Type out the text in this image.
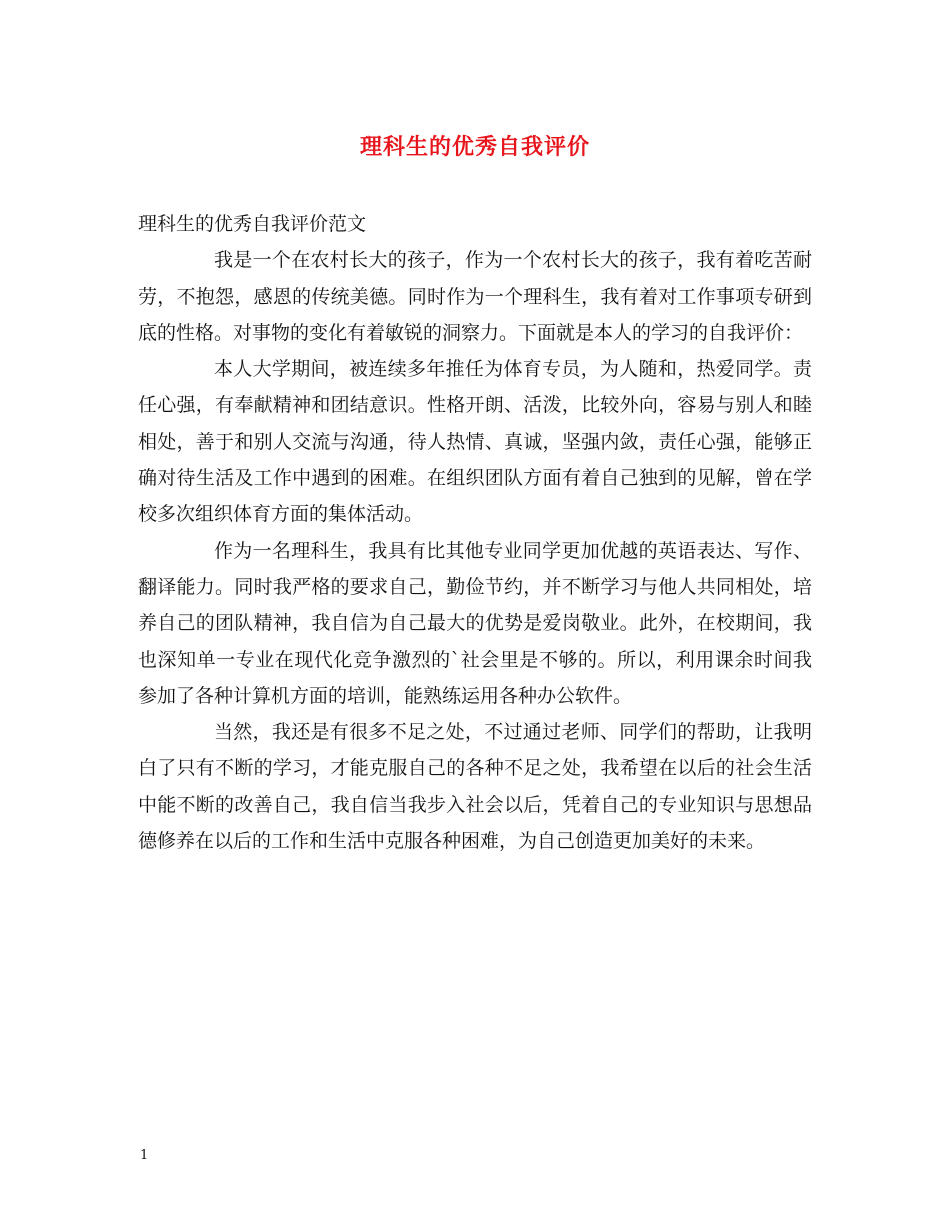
理科生的优秀自我评价

理科生的优秀自我评价范文

我是一个在农村长大的孩子，作为一个农村长大的孩子，我有着吃苦耐劳，不抱怨，感恩的传统美德。同时作为一个理科生，我有着对工作事项专研到底的性格。对事物的变化有着敏锐的洞察力。下面就是本人的学习的自我评价：

本人大学期间，被连续多年推任为体育专员，为人随和，热爱同学。责任心强，有奉献精神和团结意识。性格开朗、活泼，比较外向，容易与别人和睦相处，善于和别人交流与沟通，待人热情、真诚，坚强内敛，责任心强，能够正确对待生活及工作中遇到的困难。在组织团队方面有着自己独到的见解，曾在学校多次组织体育方面的集体活动。

作为一名理科生，我具有比其他专业同学更加优越的英语表达、写作、翻译能力。同时我严格的要求自己，勤俭节约，并不断学习与他人共同相处，培养自己的团队精神，我自信为自己最大的优势是爱岗敬业。此外，在校期间，我也深知单一专业在现代化竞争激烈的`社会里是不够的。所以，利用课余时间我参加了各种计算机方面的培训，能熟练运用各种办公软件。

当然，我还是有很多不足之处，不过通过老师、同学们的帮助，让我明白了只有不断的学习，才能克服自己的各种不足之处，我希望在以后的社会生活中能不断的改善自己，我自信当我步入社会以后，凭着自己的专业知识与思想品德修养在以后的工作和生活中克服各种困难，为自己创造更加美好的未来。

1
